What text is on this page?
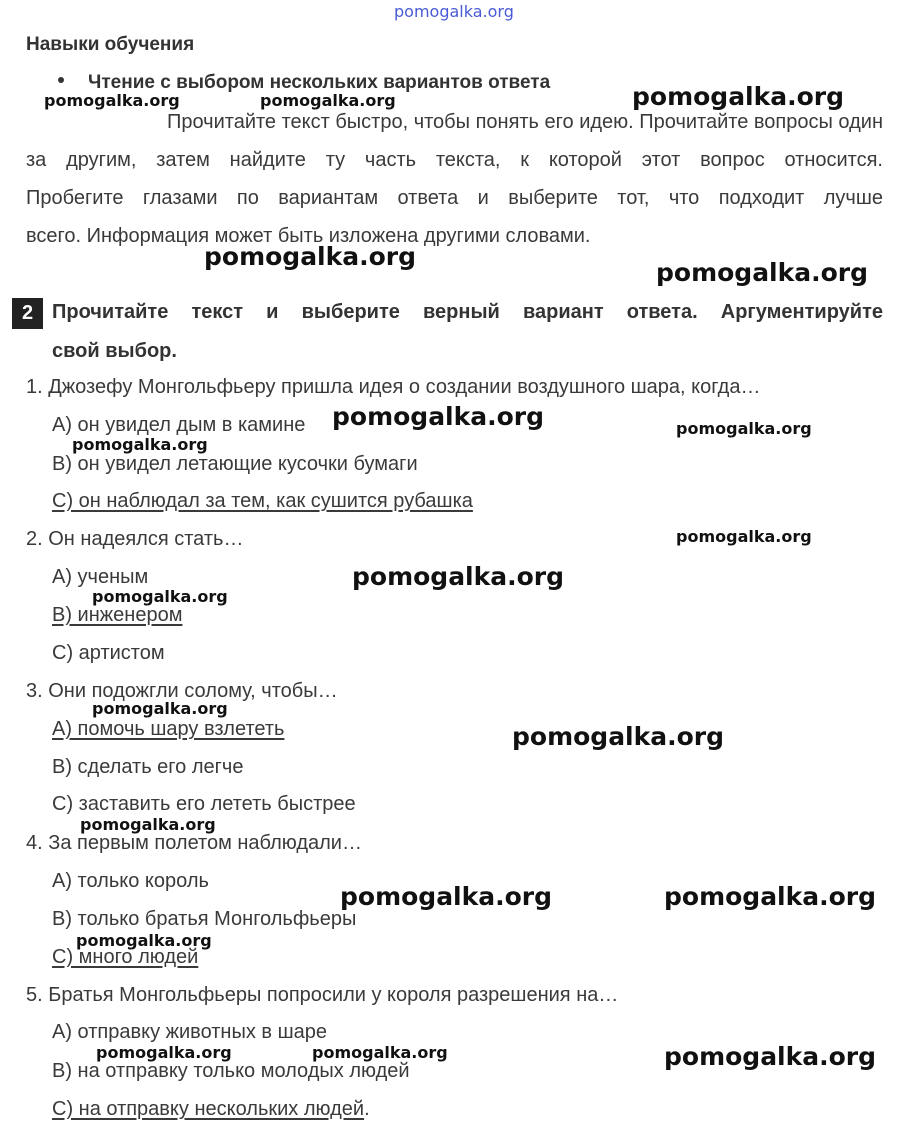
pomogalka.org
pomogalka.org	pomogalka.org	pomogalka.org
pomogalka.org
pomogalka.org
pomogalka.org	pomogalka.org
pomogalka.org
pomogalka.org
pomogalka.org
pomogalka.org
pomogalka.org
pomogalka.org
pomogalka.org
pomogalka.org	pomogalka.org
pomogalka.org
pomogalka.org
pomogalka.org	pomogalka.org
Навыки обучения
Чтение с выбором нескольких вариантов ответа
Прочитайте текст быстро, чтобы понять его идею. Прочитайте вопросы один
за другим, затем найдите ту часть текста, к которой этот вопрос относится.
Пробегите глазами по вариантам ответа и выберите тот, что подходит лучше
всего. Информация может быть изложена другими словами.
2 Прочитайте текст и выберите верный вариант ответа. Аргументируйте
свой выбор.
1. Джозефу Монгольфьеру пришла идея о создании воздушного шара, когда…
А) он увидел дым в камине
B) он увидел летающие кусочки бумаги
C) он наблюдал за тем, как сушится рубашка
2. Он надеялся стать…
А) ученым
B) инженером
C) артистом
3. Они подожгли солому, чтобы…
А) помочь шару взлететь
B) сделать его легче
C) заставить его лететь быстрее
4. За первым полетом наблюдали…
А) только король
B) только братья Монгольфьеры
C) много людей
5. Братья Монгольфьеры попросили у короля разрешения на…
А) отправку животных в шаре
B) на отправку только молодых людей
C) на отправку нескольких людей.
